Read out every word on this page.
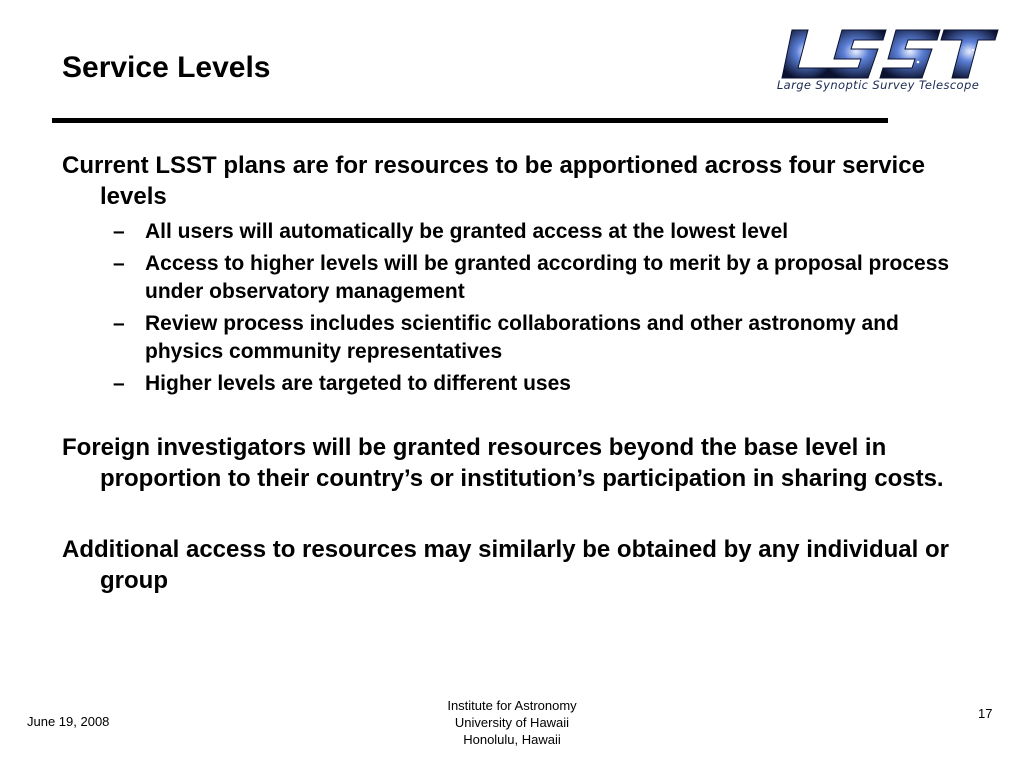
Service Levels
Large Synoptic Survey Telescope

Current LSST plans are for resources to be apportioned across four service levels

– All users will automatically be granted access at the lowest level
– Access to higher levels will be granted according to merit by a proposal process under observatory management
– Review process includes scientific collaborations and other astronomy and physics community representatives
– Higher levels are targeted to different uses

Foreign investigators will be granted resources beyond the base level in proportion to their country’s or institution’s participation in sharing costs.

Additional access to resources may similarly be obtained by any individual or group

June 19, 2008
Institute for Astronomy
University of Hawaii
Honolulu, Hawaii
17
